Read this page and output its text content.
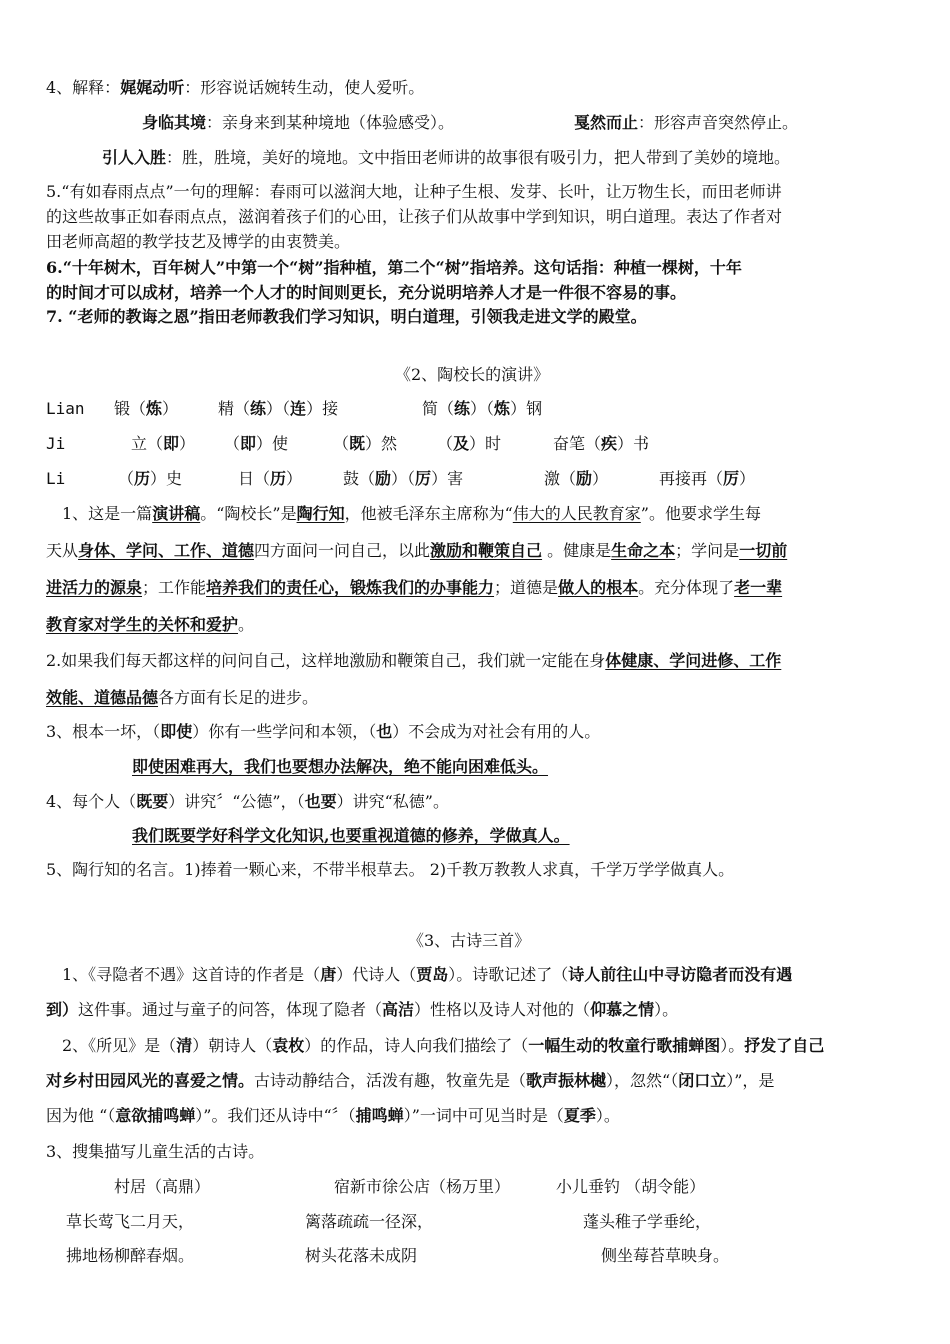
4、解释：娓娓动听：形容说话婉转生动，使人爱听。
身临其境：亲身来到某种境地（体验感受）。	戛然而止：形容声音突然停止。
引人入胜：胜，胜境，美好的境地。文中指田老师讲的故事很有吸引力，把人带到了美妙的境地。
5.“有如春雨点点”一句的理解：春雨可以滋润大地，让种子生根、发芽、长叶，让万物生长，而田老师讲
的这些故事正如春雨点点，滋润着孩子们的心田，让孩子们从故事中学到知识，明白道理。表达了作者对
田老师高超的教学技艺及博学的由衷赞美。
6.“十年树木，百年树人”中第一个“树”指种植，第二个“树”指培养。这句话指：种植一棵树，十年
的时间才可以成材，培养一个人才的时间则更长，充分说明培养人才是一件很不容易的事。
7. “老师的教诲之恩”指田老师教我们学习知识，明白道理，引领我走进文学的殿堂。
《2、陶校长的演讲》
Lian 锻（炼） 精（练）（连）接	简（练）（炼）钢
Ji	立（即） （即）使	（既）然 （及）时	奋笔（疾）书
Li	（历）史	日（历）	鼓（励）（厉）害	激（励）	再接再（厉）
1、这是一篇演讲稿。“陶校长”是陶行知，他被毛泽东主席称为“伟大的人民教育家”。他要求学生每
天从身体、学问、工作、道德四方面问一问自己，以此激励和鞭策自己 。健康是生命之本；学问是一切前
进活力的源泉；工作能培养我们的责任心，锻炼我们的办事能力；道德是做人的根本。充分体现了老一辈
教育家对学生的关怀和爱护。
2.如果我们每天都这样的问问自己，这样地激励和鞭策自己，我们就一定能在身体健康、学问进修、工作
效能、道德品德各方面有长足的进步。
3、根本一坏，（即使）你有一些学问和本领，（也）不会成为对社会有用的人。
即使困难再大，我们也要想办法解决，绝不能向困难低头。
4、每个人（既要）讲究〞“公德”，（也要）讲究“私德”。
我们既要学好科学文化知识,也要重视道德的修养，学做真人。
5、陶行知的名言。1)捧着一颗心来，不带半根草去。 2)千教万教教人求真，千学万学学做真人。
《3、古诗三首》
1、《寻隐者不遇》这首诗的作者是（唐）代诗人（贾岛）。诗歌记述了（诗人前往山中寻访隐者而没有遇
到）这件事。通过与童子的问答，体现了隐者（高洁）性格以及诗人对他的（仰慕之情）。
2、《所见》是（清）朝诗人（袁枚）的作品，诗人向我们描绘了（一幅生动的牧童行歌捕蝉图）。抒发了自己
对乡村田园风光的喜爱之情。古诗动静结合，活泼有趣，牧童先是（歌声振林樾），忽然“（闭口立）”，是
因为他 “（意欲捕鸣蝉）”。我们还从诗中“〞（捕鸣蝉）”一词中可见当时是（夏季）。
3、搜集描写儿童生活的古诗。
村居（高鼎）	宿新市徐公店（杨万里）	小儿垂钓 （胡令能）
草长莺飞二月天，	篱落疏疏一径深，	蓬头稚子学垂纶，
拂地杨柳醉春烟。	树头花落未成阴	侧坐莓苔草映身。
